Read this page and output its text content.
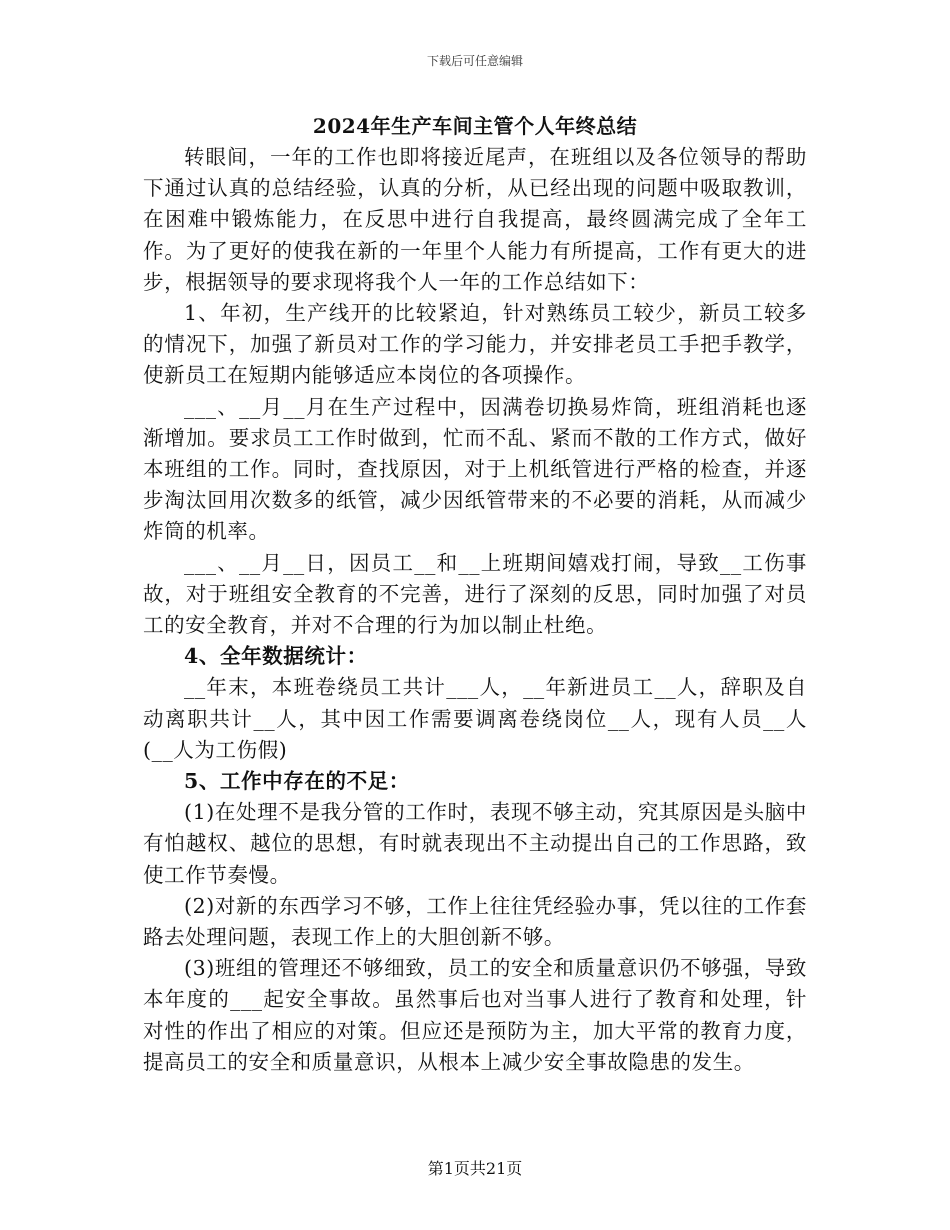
下载后可任意编辑
2024年生产车间主管个人年终总结

转眼间，一年的工作也即将接近尾声，在班组以及各位领导的帮助下通过认真的总结经验，认真的分析，从已经出现的问题中吸取教训，在困难中锻炼能力，在反思中进行自我提高，最终圆满完成了全年工作。为了更好的使我在新的一年里个人能力有所提高，工作有更大的进步，根据领导的要求现将我个人一年的工作总结如下：

1、年初，生产线开的比较紧迫，针对熟练员工较少，新员工较多的情况下，加强了新员对工作的学习能力，并安排老员工手把手教学，使新员工在短期内能够适应本岗位的各项操作。

___、__月__月在生产过程中，因满卷切换易炸筒，班组消耗也逐渐增加。要求员工工作时做到，忙而不乱、紧而不散的工作方式，做好本班组的工作。同时，查找原因，对于上机纸管进行严格的检查，并逐步淘汰回用次数多的纸管，减少因纸管带来的不必要的消耗，从而减少炸筒的机率。

___、__月__日，因员工__和__上班期间嬉戏打闹，导致__工伤事故，对于班组安全教育的不完善，进行了深刻的反思，同时加强了对员工的安全教育，并对不合理的行为加以制止杜绝。

4、全年数据统计：

__年末，本班卷绕员工共计___人，__年新进员工__人，辞职及自动离职共计__人，其中因工作需要调离卷绕岗位__人，现有人员__人(__人为工伤假)

5、工作中存在的不足：

(1)在处理不是我分管的工作时，表现不够主动，究其原因是头脑中有怕越权、越位的思想，有时就表现出不主动提出自己的工作思路，致使工作节奏慢。

(2)对新的东西学习不够，工作上往往凭经验办事，凭以往的工作套路去处理问题，表现工作上的大胆创新不够。

(3)班组的管理还不够细致，员工的安全和质量意识仍不够强，导致本年度的___起安全事故。虽然事后也对当事人进行了教育和处理，针对性的作出了相应的对策。但应还是预防为主，加大平常的教育力度，提高员工的安全和质量意识，从根本上减少安全事故隐患的发生。

第1页共21页
